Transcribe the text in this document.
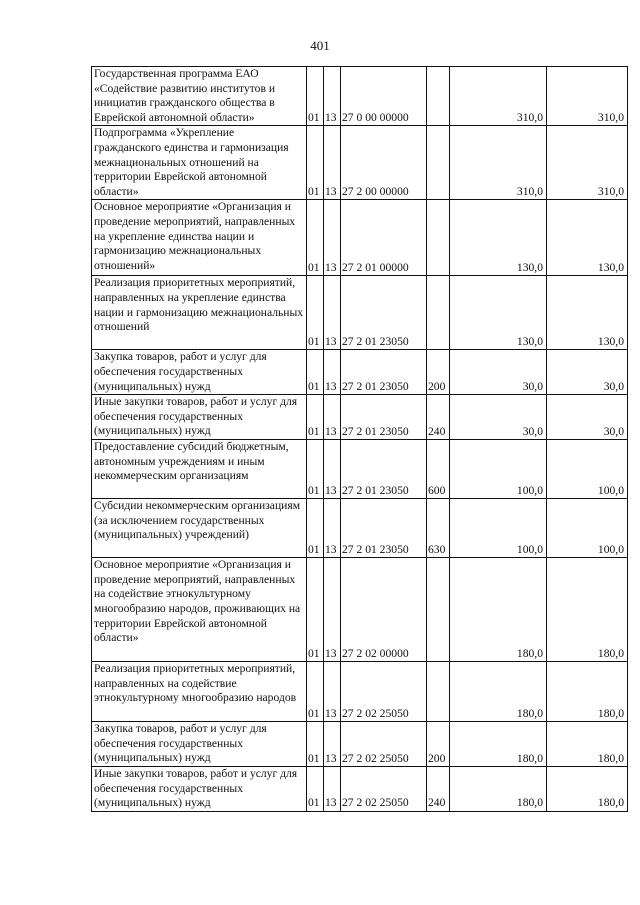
401
Государственная программа ЕАО «Содействие развитию институтов и инициатив гражданского общества в Еврейской автономной области»	01	13	27 0 00 00000		310,0	310,0
Подпрограмма «Укрепление гражданского единства и гармонизация межнациональных отношений на территории Еврейской автономной области»	01	13	27 2 00 00000		310,0	310,0
Основное мероприятие «Организация и проведение мероприятий, направленных на укрепление единства нации и гармонизацию межнациональных отношений»	01	13	27 2 01 00000		130,0	130,0
Реализация приоритетных мероприятий, направленных на укрепление единства нации и гармонизацию межнациональных отношений	01	13	27 2 01 23050		130,0	130,0
Закупка товаров, работ и услуг для обеспечения государственных (муниципальных) нужд	01	13	27 2 01 23050	200	30,0	30,0
Иные закупки товаров, работ и услуг для обеспечения государственных (муниципальных) нужд	01	13	27 2 01 23050	240	30,0	30,0
Предоставление субсидий бюджетным, автономным учреждениям и иным некоммерческим организациям	01	13	27 2 01 23050	600	100,0	100,0
Субсидии некоммерческим организациям (за исключением государственных (муниципальных) учреждений)	01	13	27 2 01 23050	630	100,0	100,0
Основное мероприятие «Организация и проведение мероприятий, направленных на содействие этнокультурному многообразию народов, проживающих на территории Еврейской автономной области»	01	13	27 2 02 00000		180,0	180,0
Реализация приоритетных мероприятий, направленных на содействие этнокультурному многообразию народов	01	13	27 2 02 25050		180,0	180,0
Закупка товаров, работ и услуг для обеспечения государственных (муниципальных) нужд	01	13	27 2 02 25050	200	180,0	180,0
Иные закупки товаров, работ и услуг для обеспечения государственных (муниципальных) нужд	01	13	27 2 02 25050	240	180,0	180,0
